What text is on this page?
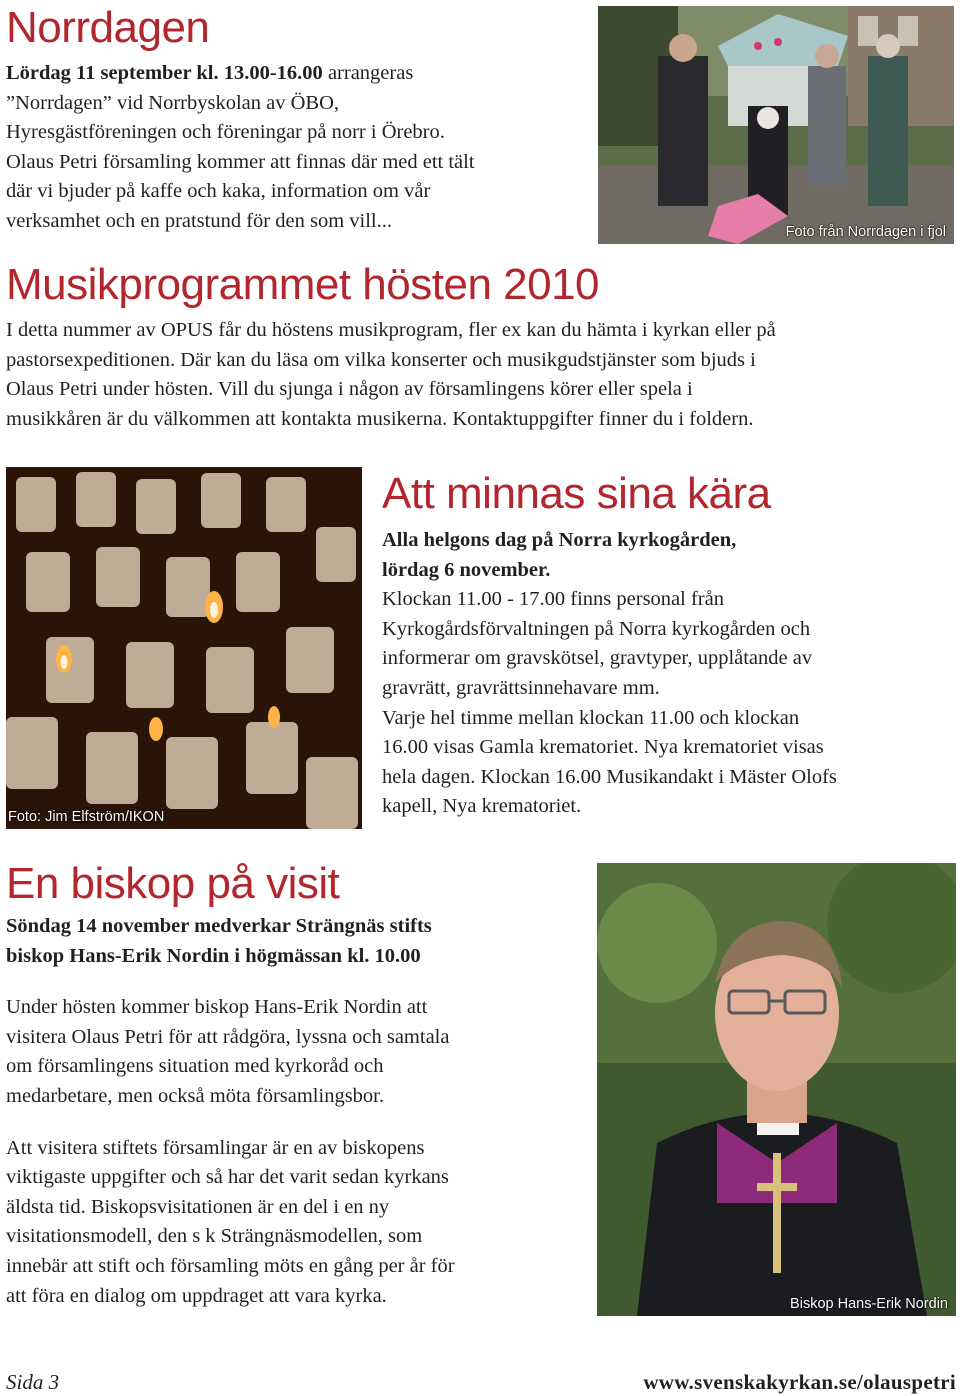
Norrdagen
Lördag 11 september kl. 13.00-16.00 arrangeras
”Norrdagen” vid Norrbyskolan av ÖBO,
Hyresgästföreningen och föreningar på norr i Örebro.
Olaus Petri församling kommer att finnas där med ett tält
där vi bjuder på kaffe och kaka, information om vår
verksamhet och en pratstund för den som vill...
Foto från Norrdagen i fjol
Musikprogrammet hösten 2010
I detta nummer av OPUS får du höstens musikprogram, fler ex kan du hämta i kyrkan eller på
pastorsexpeditionen. Där kan du läsa om vilka konserter och musikgudstjänster som bjuds i
Olaus Petri under hösten. Vill du sjunga i någon av församlingens körer eller spela i
musikkåren är du välkommen att kontakta musikerna. Kontaktuppgifter finner du i foldern.
Foto: Jim Elfström/IKON
Att minnas sina kära
Alla helgons dag på Norra kyrkogården,
lördag 6 november.
Klockan 11.00 - 17.00 finns personal från
Kyrkogårdsförvaltningen på Norra kyrkogården och
informerar om gravskötsel, gravtyper, upplåtande av
gravrätt, gravrättsinnehavare mm.
Varje hel timme mellan klockan 11.00 och klockan
16.00 visas Gamla krematoriet. Nya krematoriet visas
hela dagen. Klockan 16.00 Musikandakt i Mäster Olofs
kapell, Nya krematoriet.
En biskop på visit
Söndag 14 november medverkar Strängnäs stifts
biskop Hans-Erik Nordin i högmässan kl. 10.00
Under hösten kommer biskop Hans-Erik Nordin att
visitera Olaus Petri för att rådgöra, lyssna och samtala
om församlingens situation med kyrkoråd och
medarbetare, men också möta församlingsbor.
Att visitera stiftets församlingar är en av biskopens
viktigaste uppgifter och så har det varit sedan kyrkans
äldsta tid. Biskopsvisitationen är en del i en ny
visitationsmodell, den s k Strängnäsmodellen, som
innebär att stift och församling möts en gång per år för
att föra en dialog om uppdraget att vara kyrka.	Biskop Hans-Erik Nordin
Sida 3	www.svenskakyrkan.se/olauspetri
